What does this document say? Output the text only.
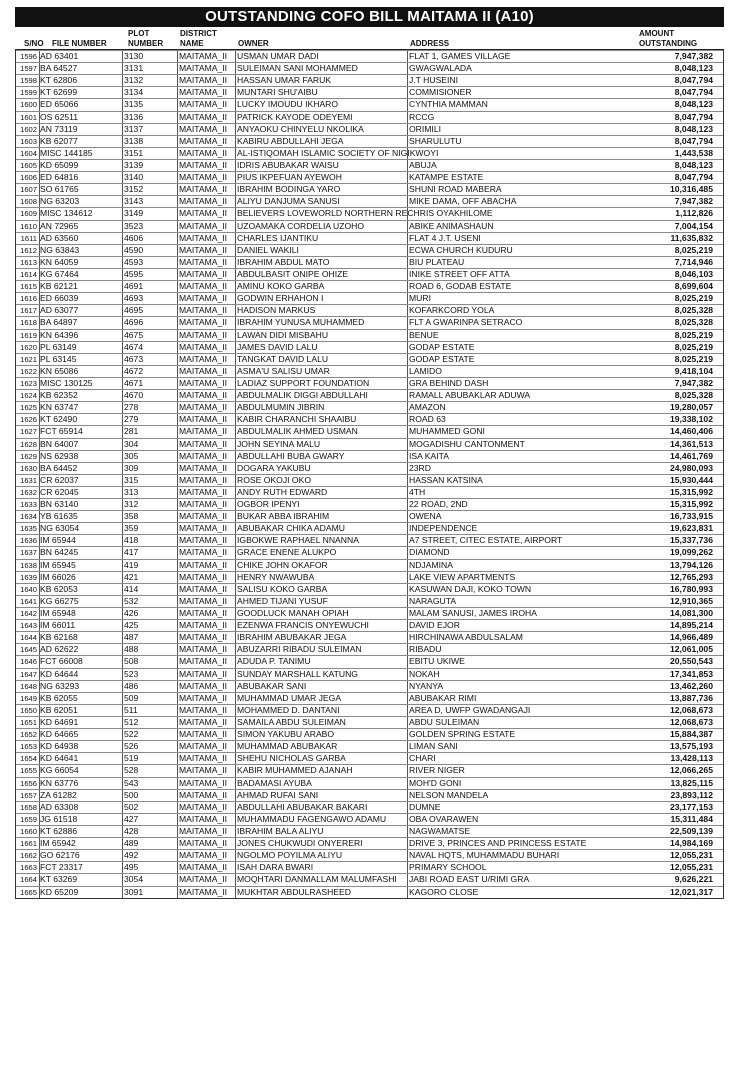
OUTSTANDING COFO BILL MAITAMA II (A10)
S/NO FILE NUMBER
PLOT
NUMBER
DISTRICT
NAME	OWNER	ADDRESS
AMOUNT
OUTSTANDING
1596 AD 63401	3130	MAITAMA_II	USMAN UMAR DADI	FLAT 1, GAMES VILLAGE	7,947,382
1597 BA 64527	3131	MAITAMA_II	SULEIMAN SANI MOHAMMED	GWAGWALADA	8,048,123
1598 KT 62806	3132	MAITAMA_II	HASSAN UMAR FARUK	J.T HUSEINI	8,047,794
1599 KT 62699	3134	MAITAMA_II	MUNTARI SHU'AIBU	COMMISIONER	8,047,794
1600 ED 65066	3135	MAITAMA_II	LUCKY IMOUDU IKHARO	CYNTHIA MAMMAN	8,048,123
1601 OS 62511	3136	MAITAMA_II	PATRICK KAYODE ODEYEMI	RCCG	8,047,794
1602 AN 73119	3137	MAITAMA_II	ANYAOKU CHINYELU NKOLIKA	ORIMILI	8,048,123
1603 KB 62077	3138	MAITAMA_II	KABIRU ABDULLAHI JEGA	SHARULUTU	8,047,794
1604 MISC 144185	3151	MAITAMA_II	AL-ISTIQOMAH ISLAMIC SOCIETY OF NIGIKWOYI	1,443,538
1605 KD 65099	3139	MAITAMA_II	IDRIS ABUBAKAR WAISU	ABUJA	8,048,123
1606 ED 64816	3140	MAITAMA_II	PIUS IKPEFUAN AYEWOH	KATAMPE ESTATE	8,047,794
1607 SO 61765	3152	MAITAMA_II	IBRAHIM BODINGA YARO	SHUNI ROAD MABERA	10,316,485
1608 NG 63203	3143	MAITAMA_II	ALIYU DANJUMA SANUSI	MIKE DAMA, OFF ABACHA	7,947,382
1609 MISC 134612	3149	MAITAMA_II	BELIEVERS LOVEWORLD NORTHERN RECHRIS OYAKHILOME	1,112,826
1610 AN 72965	3523	MAITAMA_II	UZOAMAKA CORDELIA UZOHO	ABIKE ANIMASHAUN	7,004,154
1611 AD 63560	4606	MAITAMA_II	CHARLES IJANTIKU	FLAT 4 J.T. USENI	11,635,832
1612 NG 63843	4590	MAITAMA_II	DANIEL WAKILI	ECWA CHURCH KUDURU	8,025,219
1613 KN 64059	4593	MAITAMA_II	IBRAHIM ABDUL MATO	BIU PLATEAU	7,714,946
1614 KG 67464	4595	MAITAMA_II	ABDULBASIT ONIPE OHIZE	INIKE STREET OFF ATTA	8,046,103
1615 KB 62121	4691	MAITAMA_II	AMINU KOKO GARBA	ROAD 6, GODAB ESTATE	8,699,604
1616 ED 66039	4693	MAITAMA_II	GODWIN ERHAHON I	MURI	8,025,219
1617 AD 63077	4695	MAITAMA_II	HADISON MARKUS	KOFARKCORD YOLA	8,025,328
1618 BA 64897	4696	MAITAMA_II	IBRAHIM YUNUSA MUHAMMED	FLT A GWARINPA SETRACO	8,025,328
1619 KN 64396	4675	MAITAMA_II	LAWAN DIDI MISBAHU	BENUE	8,025,219
1620 PL 63149	4674	MAITAMA_II	JAMES DAVID LALU	GODAP ESTATE	8,025,219
1621 PL 63145	4673	MAITAMA_II	TANGKAT DAVID LALU	GODAP ESTATE	8,025,219
1622 KN 65086	4672	MAITAMA_II	ASMA'U SALISU UMAR	LAMIDO	9,418,104
1623 MISC 130125	4671	MAITAMA_II	LADIAZ SUPPORT FOUNDATION	GRA BEHIND DASH	7,947,382
1624 KB 62352	4670	MAITAMA_II	ABDULMALIK DIGGI ABDULLAHI	RAMALL ABUBAKLAR ADUWA	8,025,328
1625 KN 63747	278	MAITAMA_II	ABDULMUMIN JIBRIN	AMAZON	19,280,057
1626 KT 62490	279	MAITAMA_II	KABIR CHARANCHI SHAAIBU	ROAD 63	19,338,102
1627 FCT 65914	281	MAITAMA_II	ABDULMALIK AHMED USMAN	MUHAMMED GONI	14,460,406
1628 BN 64007	304	MAITAMA_II	JOHN SEYINA MALU	MOGADISHU CANTONMENT	14,361,513
1629 NS 62938	305	MAITAMA_II	ABDULLAHI BUBA GWARY	ISA KAITA	14,461,769
1630 BA 64452	309	MAITAMA_II	DOGARA YAKUBU	23RD	24,980,093
1631 CR 62037	315	MAITAMA_II	ROSE OKOJI OKO	HASSAN KATSINA	15,930,444
1632 CR 62045	313	MAITAMA_II	ANDY RUTH EDWARD	4TH	15,315,992
1633 BN 63140	312	MAITAMA_II	OGBOR IPENYI	22 ROAD, 2ND	15,315,992
1634 YB 61635	358	MAITAMA_II	BUKAR ABBA IBRAHIM	OWENA	16,733,915
1635 NG 63054	359	MAITAMA_II	ABUBAKAR CHIKA ADAMU	INDEPENDENCE	19,623,831
1636 IM 65944	418	MAITAMA_II	IGBOKWE RAPHAEL NNANNA	A7 STREET, CITEC ESTATE, AIRPORT	15,337,736
1637 BN 64245	417	MAITAMA_II	GRACE ENENE ALUKPO	DIAMOND	19,099,262
1638 IM 65945	419	MAITAMA_II	CHIKE JOHN OKAFOR	NDJAMINA	13,794,126
1639 IM 66026	421	MAITAMA_II	HENRY NWAWUBA	LAKE VIEW APARTMENTS	12,765,293
1640 KB 62053	414	MAITAMA_II	SALISU KOKO GARBA	KASUWAN DAJI, KOKO TOWN	16,780,993
1641 KG 66275	532	MAITAMA_II	AHMED TIJANI YUSUF	NARAGUTA	12,910,365
1642 IM 65948	426	MAITAMA_II	GOODLUCK MANAH OPIAH	MALAM SANUSI, JAMES IROHA	14,081,300
1643 IM 66011	425	MAITAMA_II	EZENWA FRANCIS ONYEWUCHI	DAVID EJOR	14,895,214
1644 KB 62168	487	MAITAMA_II	IBRAHIM ABUBAKAR JEGA	HIRCHINAWA ABDULSALAM	14,966,489
1645 AD 62622	488	MAITAMA_II	ABUZARRI RIBADU SULEIMAN	RIBADU	12,061,005
1646 FCT 66008	508	MAITAMA_II	ADUDA P. TANIMU	EBITU UKIWE	20,550,543
1647 KD 64644	523	MAITAMA_II	SUNDAY MARSHALL KATUNG	NOKAH	17,341,853
1648 NG 63293	486	MAITAMA_II	ABUBAKAR SANI	NYANYA	13,462,260
1649 KB 62055	509	MAITAMA_II	MUHAMMAD UMAR JEGA	ABUBAKAR RIMI	13,887,736
1650 KB 62051	511	MAITAMA_II	MOHAMMED D. DANTANI	AREA D, UWFP GWADANGAJI	12,068,673
1651 KD 64691	512	MAITAMA_II	SAMAILA ABDU SULEIMAN	ABDU SULEIMAN	12,068,673
1652 KD 64665	522	MAITAMA_II	SIMON YAKUBU ARABO	GOLDEN SPRING ESTATE	15,884,387
1653 KD 64938	526	MAITAMA_II	MUHAMMAD ABUBAKAR	LIMAN SANI	13,575,193
1654 KD 64641	519	MAITAMA_II	SHEHU NICHOLAS GARBA	CHARI	13,428,113
1655 KG 66054	528	MAITAMA_II	KABIR MUHAMMED AJANAH	RIVER NIGER	12,066,265
1656 KN 63776	543	MAITAMA_II	BADAMASI AYUBA	MOH'D GONI	13,825,115
1657 ZA 61282	500	MAITAMA_II	AHMAD RUFAI SANI	NELSON MANDELA	23,893,112
1658 AD 63308	502	MAITAMA_II	ABDULLAHI ABUBAKAR BAKARI	DUMNE	23,177,153
1659 JG 61518	427	MAITAMA_II	MUHAMMADU FAGENGAWO ADAMU	OBA OVARAWEN	15,311,484
1660 KT 62886	428	MAITAMA_II	IBRAHIM BALA ALIYU	NAGWAMATSE	22,509,139
1661 IM 65942	489	MAITAMA_II	JONES CHUKWUDI ONYERERI	DRIVE 3, PRINCES AND PRINCESS ESTATE	14,984,169
1662 GO 62176	492	MAITAMA_II	NGOLMO POYILMA ALIYU	NAVAL HQTS, MUHAMMADU BUHARI	12,055,231
1663 FCT 23317	495	MAITAMA_II	ISAH DARA BWARI	PRIMARY SCHOOL	12,055,231
1664 KT 63269	3054	MAITAMA_II	MOQHTARI DANMALLAM MALUMFASHI	JABI ROAD EAST U/RIMI GRA	9,626,221
1665 KD 65209	3091	MAITAMA_II	MUKHTAR ABDULRASHEED	KAGORO CLOSE	12,021,317
